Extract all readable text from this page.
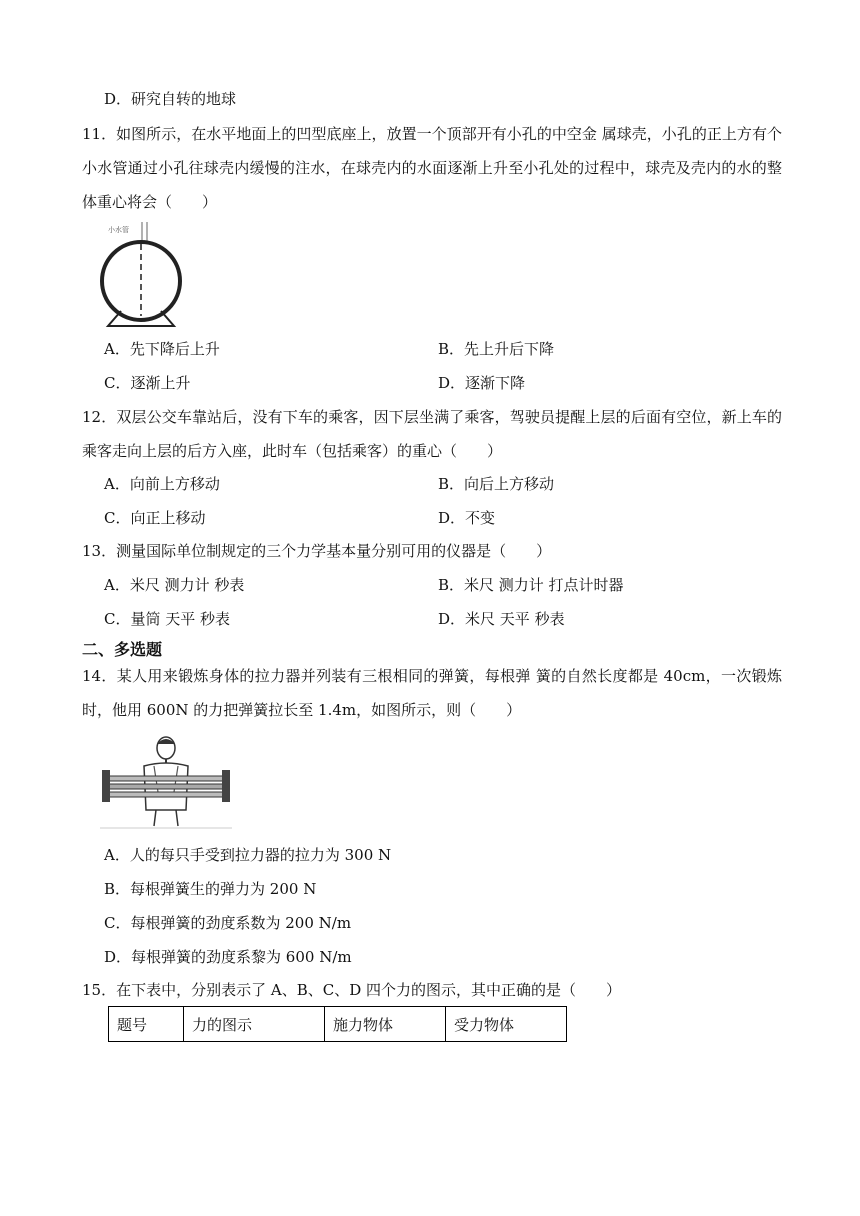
D．研究自转的地球
11．如图所示，在水平地面上的凹型底座上，放置一个顶部开有小孔的中空金 属球壳，小孔的正上方有个小水管通过小孔往球壳内缓慢的注水，在球壳内的水面逐渐上升至小孔处的过程中，球壳及壳内的水的整体重心将会（　　）
小水管
A．先下降后上升	B．先上升后下降
C．逐渐上升	D．逐渐下降
12．双层公交车靠站后，没有下车的乘客，因下层坐满了乘客，驾驶员提醒上层的后面有空位，新上车的乘客走向上层的后方入座，此时车（包括乘客）的重心（　　）
A．向前上方移动	B．向后上方移动
C．向正上移动	D．不变
13．测量国际单位制规定的三个力学基本量分别可用的仪器是（　　）
A．米尺 测力计 秒表	B．米尺 测力计 打点计时器
C．量筒 天平 秒表	D．米尺 天平 秒表
二、多选题
14．某人用来锻炼身体的拉力器并列装有三根相同的弹簧，每根弹 簧的自然长度都是 40cm，一次锻炼时，他用 600N 的力把弹簧拉长至 1.4m，如图所示，则（　　）
A．人的每只手受到拉力器的拉力为 300 N
B．每根弹簧生的弹力为 200 N
C．每根弹簧的劲度系数为 200 N/m
D．每根弹簧的劲度系黎为 600 N/m
15．在下表中，分别表示了 A、B、C、D 四个力的图示，其中正确的是（　　）
题号	力的图示	施力物体	受力物体
